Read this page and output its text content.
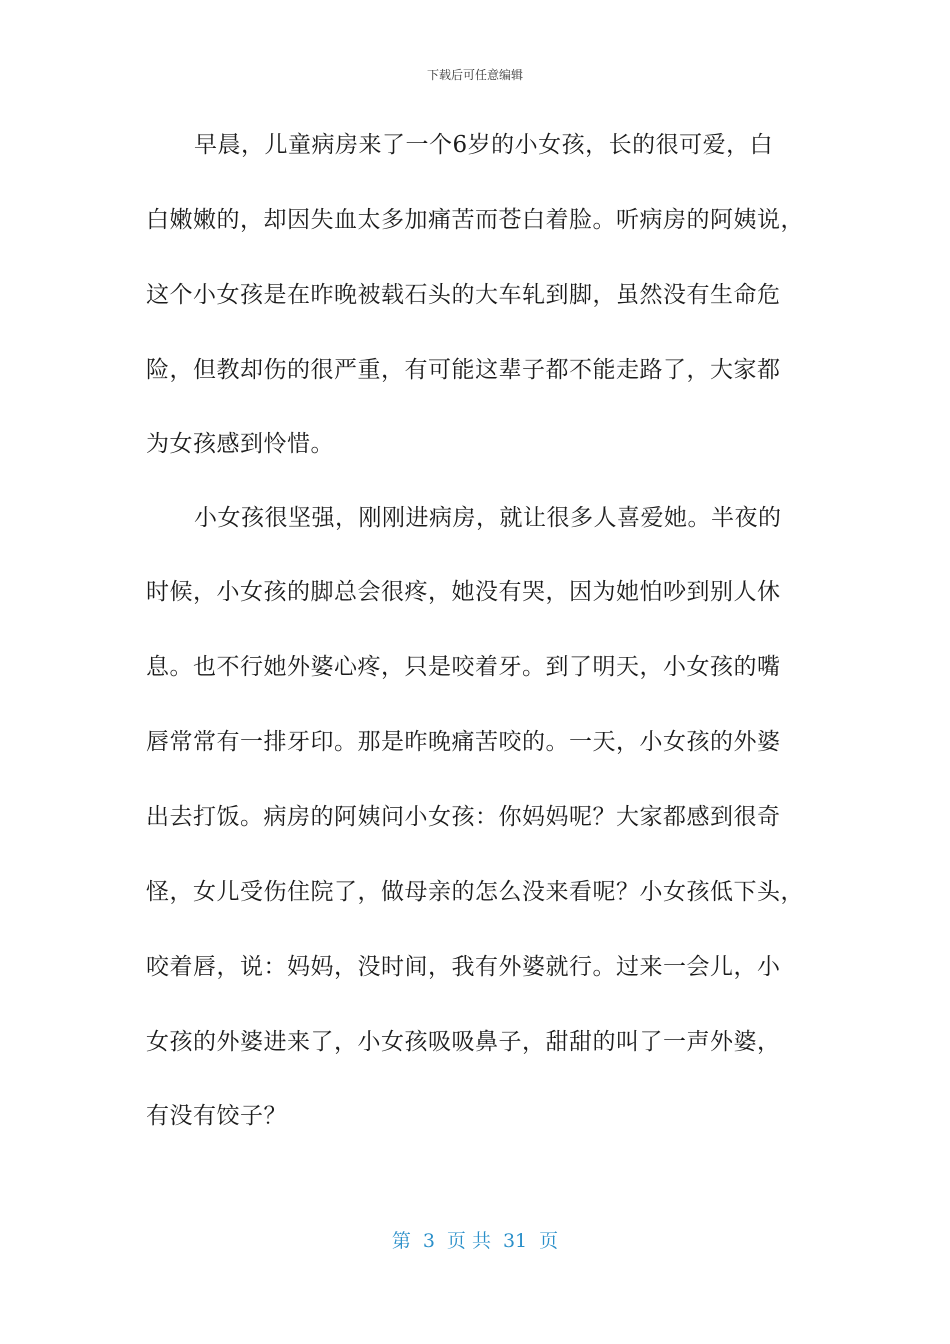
下载后可任意编辑
早晨，儿童病房来了一个6岁的小女孩，长的很可爱，白
白嫩嫩的，却因失血太多加痛苦而苍白着脸。听病房的阿姨说，
这个小女孩是在昨晚被载石头的大车轧到脚，虽然没有生命危
险，但教却伤的很严重，有可能这辈子都不能走路了，大家都
为女孩感到怜惜。
小女孩很坚强，刚刚进病房，就让很多人喜爱她。半夜的
时候，小女孩的脚总会很疼，她没有哭，因为她怕吵到别人休
息。也不行她外婆心疼，只是咬着牙。到了明天，小女孩的嘴
唇常常有一排牙印。那是昨晚痛苦咬的。一天，小女孩的外婆
出去打饭。病房的阿姨问小女孩：你妈妈呢？大家都感到很奇
怪，女儿受伤住院了，做母亲的怎么没来看呢？小女孩低下头，
咬着唇，说：妈妈，没时间，我有外婆就行。过来一会儿，小
女孩的外婆进来了，小女孩吸吸鼻子，甜甜的叫了一声外婆，
有没有饺子？
第 3 页 共 31 页
